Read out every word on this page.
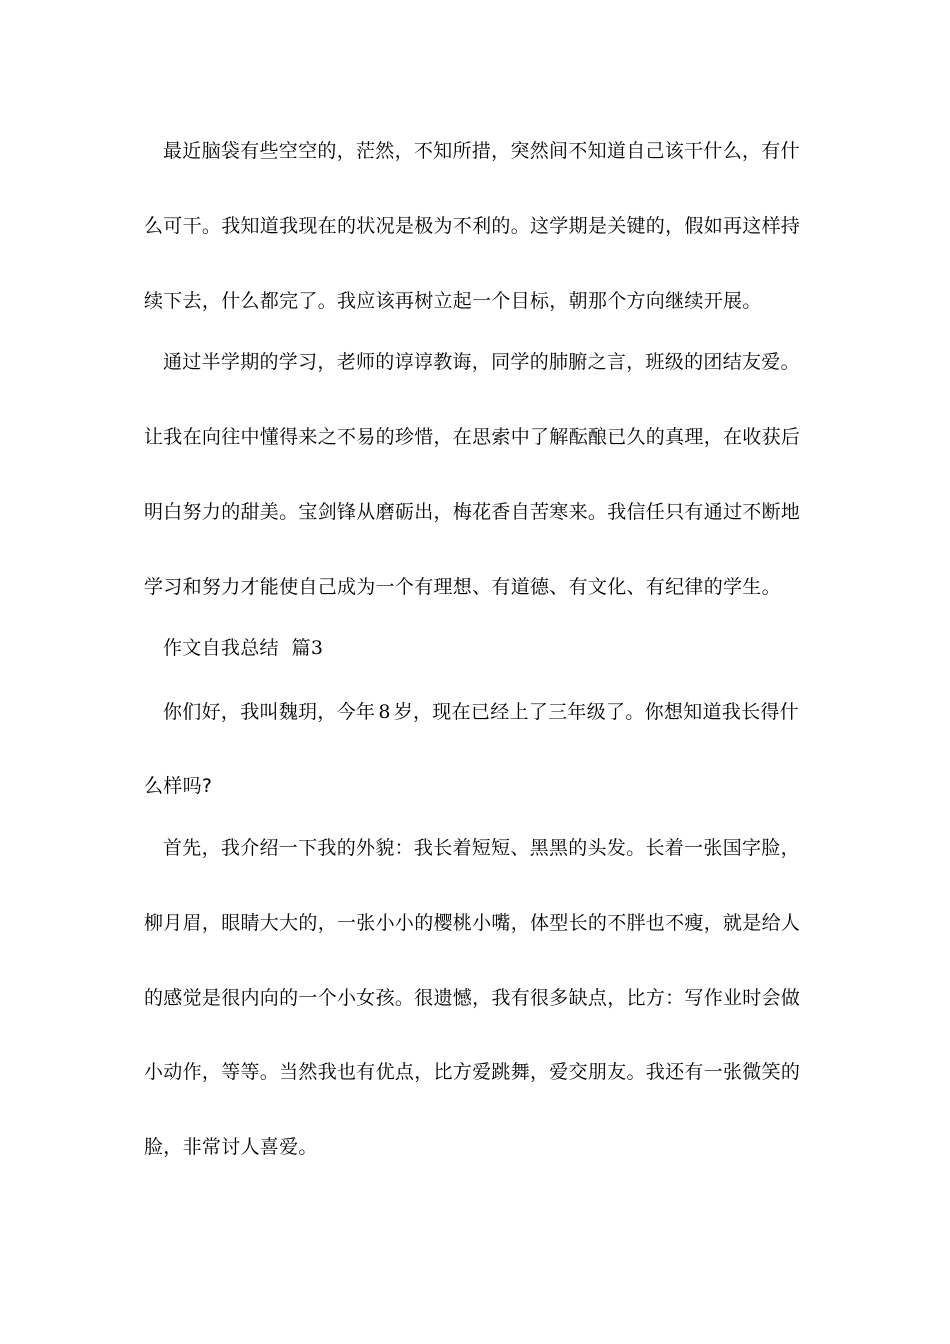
最近脑袋有些空空的，茫然，不知所措，突然间不知道自己该干什么，有什
么可干。我知道我现在的状况是极为不利的。这学期是关键的，假如再这样持
续下去，什么都完了。我应该再树立起一个目标，朝那个方向继续开展。
通过半学期的学习，老师的谆谆教诲，同学的肺腑之言，班级的团结友爱。
让我在向往中懂得来之不易的珍惜，在思索中了解酝酿已久的真理，在收获后
明白努力的甜美。宝剑锋从磨砺出，梅花香自苦寒来。我信任只有通过不断地
学习和努力才能使自己成为一个有理想、有道德、有文化、有纪律的学生。
作文自我总结 篇3
你们好，我叫魏玥，今年 8 岁，现在已经上了三年级了。你想知道我长得什
么样吗?
首先，我介绍一下我的外貌：我长着短短、黑黑的头发。长着一张国字脸，
柳月眉，眼睛大大的，一张小小的樱桃小嘴，体型长的不胖也不瘦，就是给人
的感觉是很内向的一个小女孩。很遗憾，我有很多缺点，比方：写作业时会做
小动作，等等。当然我也有优点，比方爱跳舞，爱交朋友。我还有一张微笑的
脸，非常讨人喜爱。
